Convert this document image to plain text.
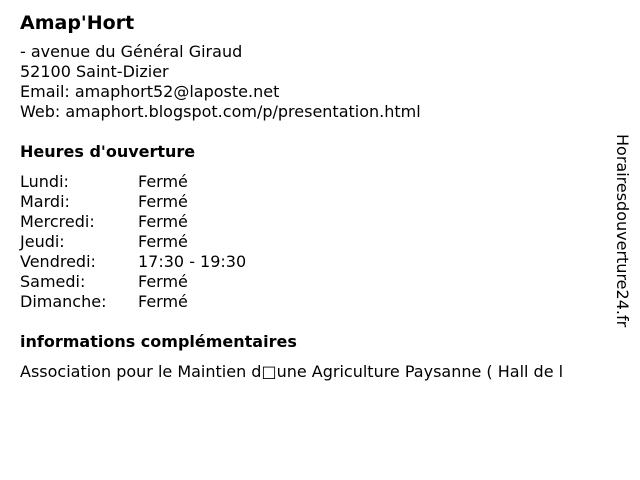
Amap'Hort
- avenue du Général Giraud
52100 Saint-Dizier
Email: amaphort52@laposte.net
Web: amaphort.blogspot.com/p/presentation.html
Heures d'ouverture
Lundi:	Fermé
Mardi:	Fermé
Mercredi:	Fermé
Jeudi:	Fermé
Vendredi:	17:30 - 19:30
Samedi:	Fermé
Dimanche:	Fermé
informations complémentaires
Association pour le Maintien d□une Agriculture Paysanne ( Hall de l
Horairesdouverture24.fr
